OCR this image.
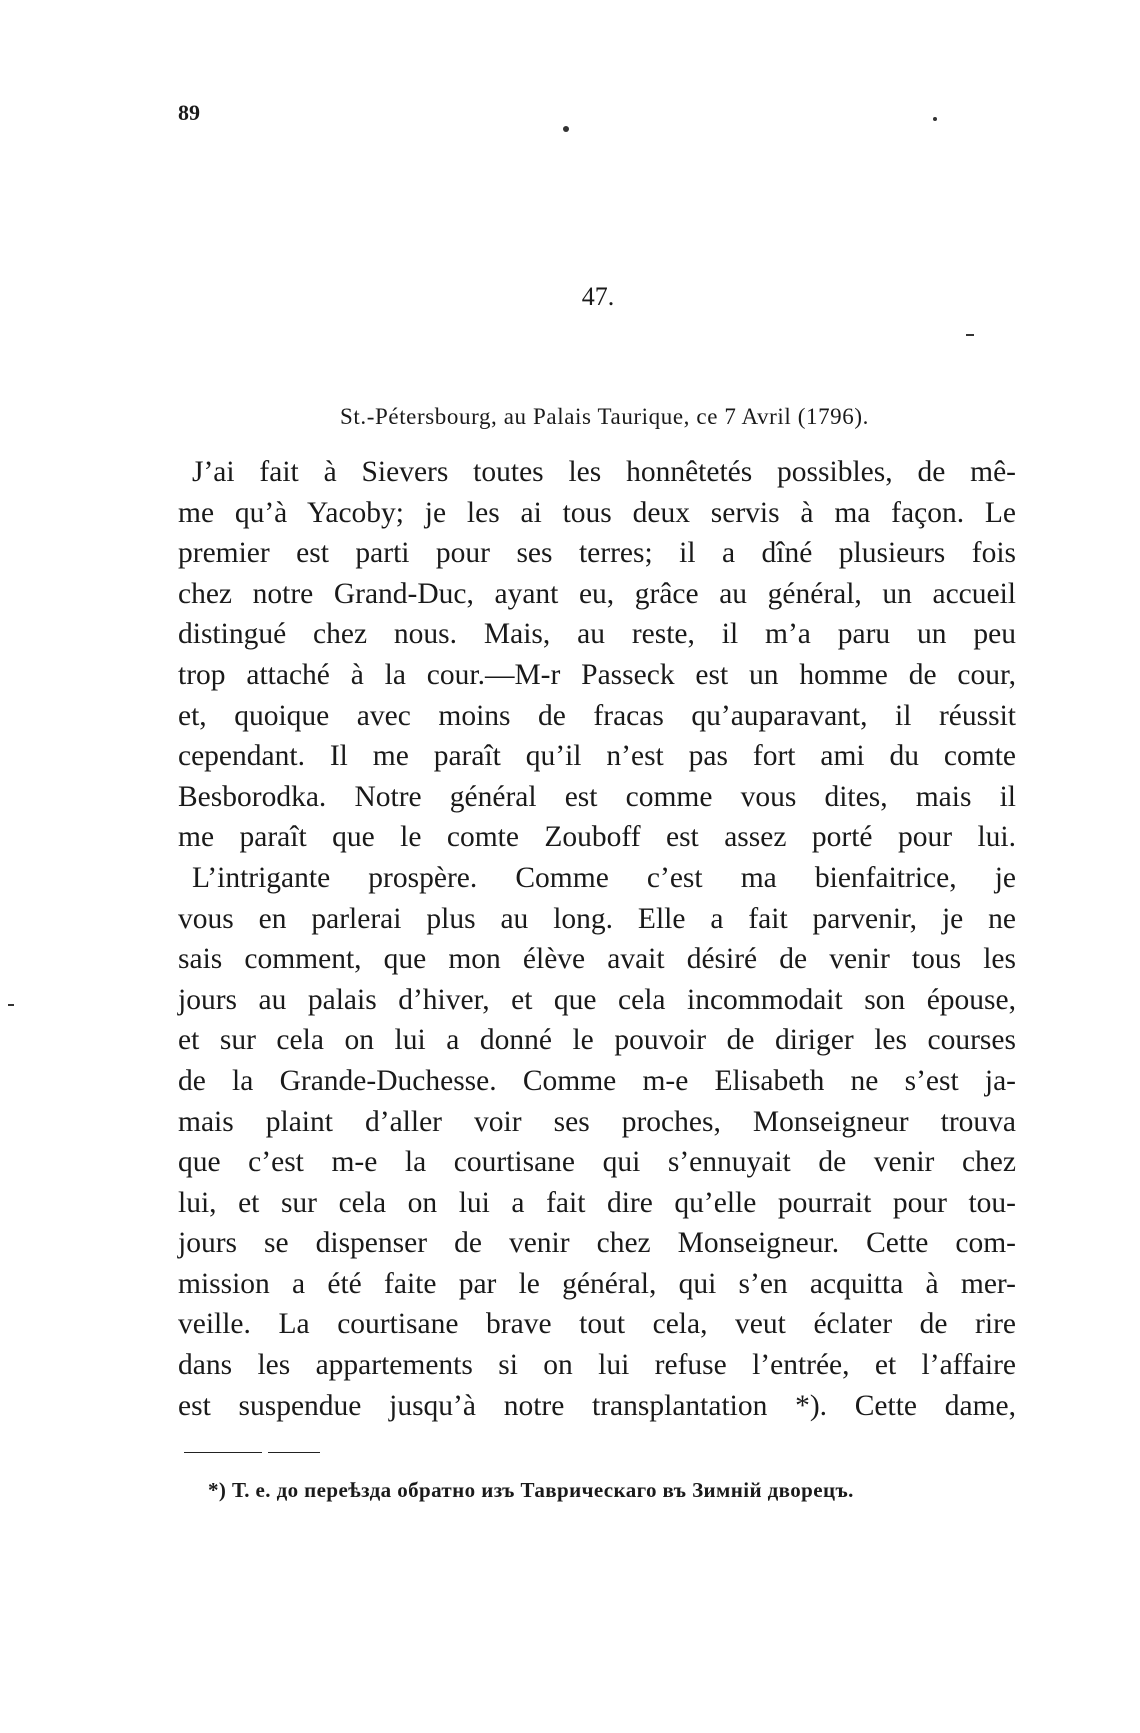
89
47.
St.-Pétersbourg, au Palais Taurique, ce 7 Avril (1796).
J’ai fait à Sievers toutes les honnêtetés possibles, de mê-
me qu’à Yacoby; je les ai tous deux servis à ma façon. Le
premier est parti pour ses terres; il a dîné plusieurs fois
chez notre Grand-Duc, ayant eu, grâce au général, un accueil
distingué chez nous. Mais, au reste, il m’a paru un peu
trop attaché à la cour.—M-r Passeck est un homme de cour,
et, quoique avec moins de fracas qu’auparavant, il réussit
cependant. Il me paraît qu’il n’est pas fort ami du comte
Besborodka. Notre général est comme vous dites, mais il
me paraît que le comte Zouboff est assez porté pour lui.
L’intrigante prospère. Comme c’est ma bienfaitrice, je
vous en parlerai plus au long. Elle a fait parvenir, je ne
sais comment, que mon élève avait désiré de venir tous les
jours au palais d’hiver, et que cela incommodait son épouse,
et sur cela on lui a donné le pouvoir de diriger les courses
de la Grande-Duchesse. Comme m-e Elisabeth ne s’est ja-
mais plaint d’aller voir ses proches, Monseigneur trouva
que c’est m-e la courtisane qui s’ennuyait de venir chez
lui, et sur cela on lui a fait dire qu’elle pourrait pour tou-
jours se dispenser de venir chez Monseigneur. Cette com-
mission a été faite par le général, qui s’en acquitta à mer-
veille. La courtisane brave tout cela, veut éclater de rire
dans les appartements si on lui refuse l’entrée, et l’affaire
est suspendue jusqu’à notre transplantation *). Cette dame,
*) Т. е. до переѣзда обратно изъ Таврическаго въ Зимній дворецъ.
